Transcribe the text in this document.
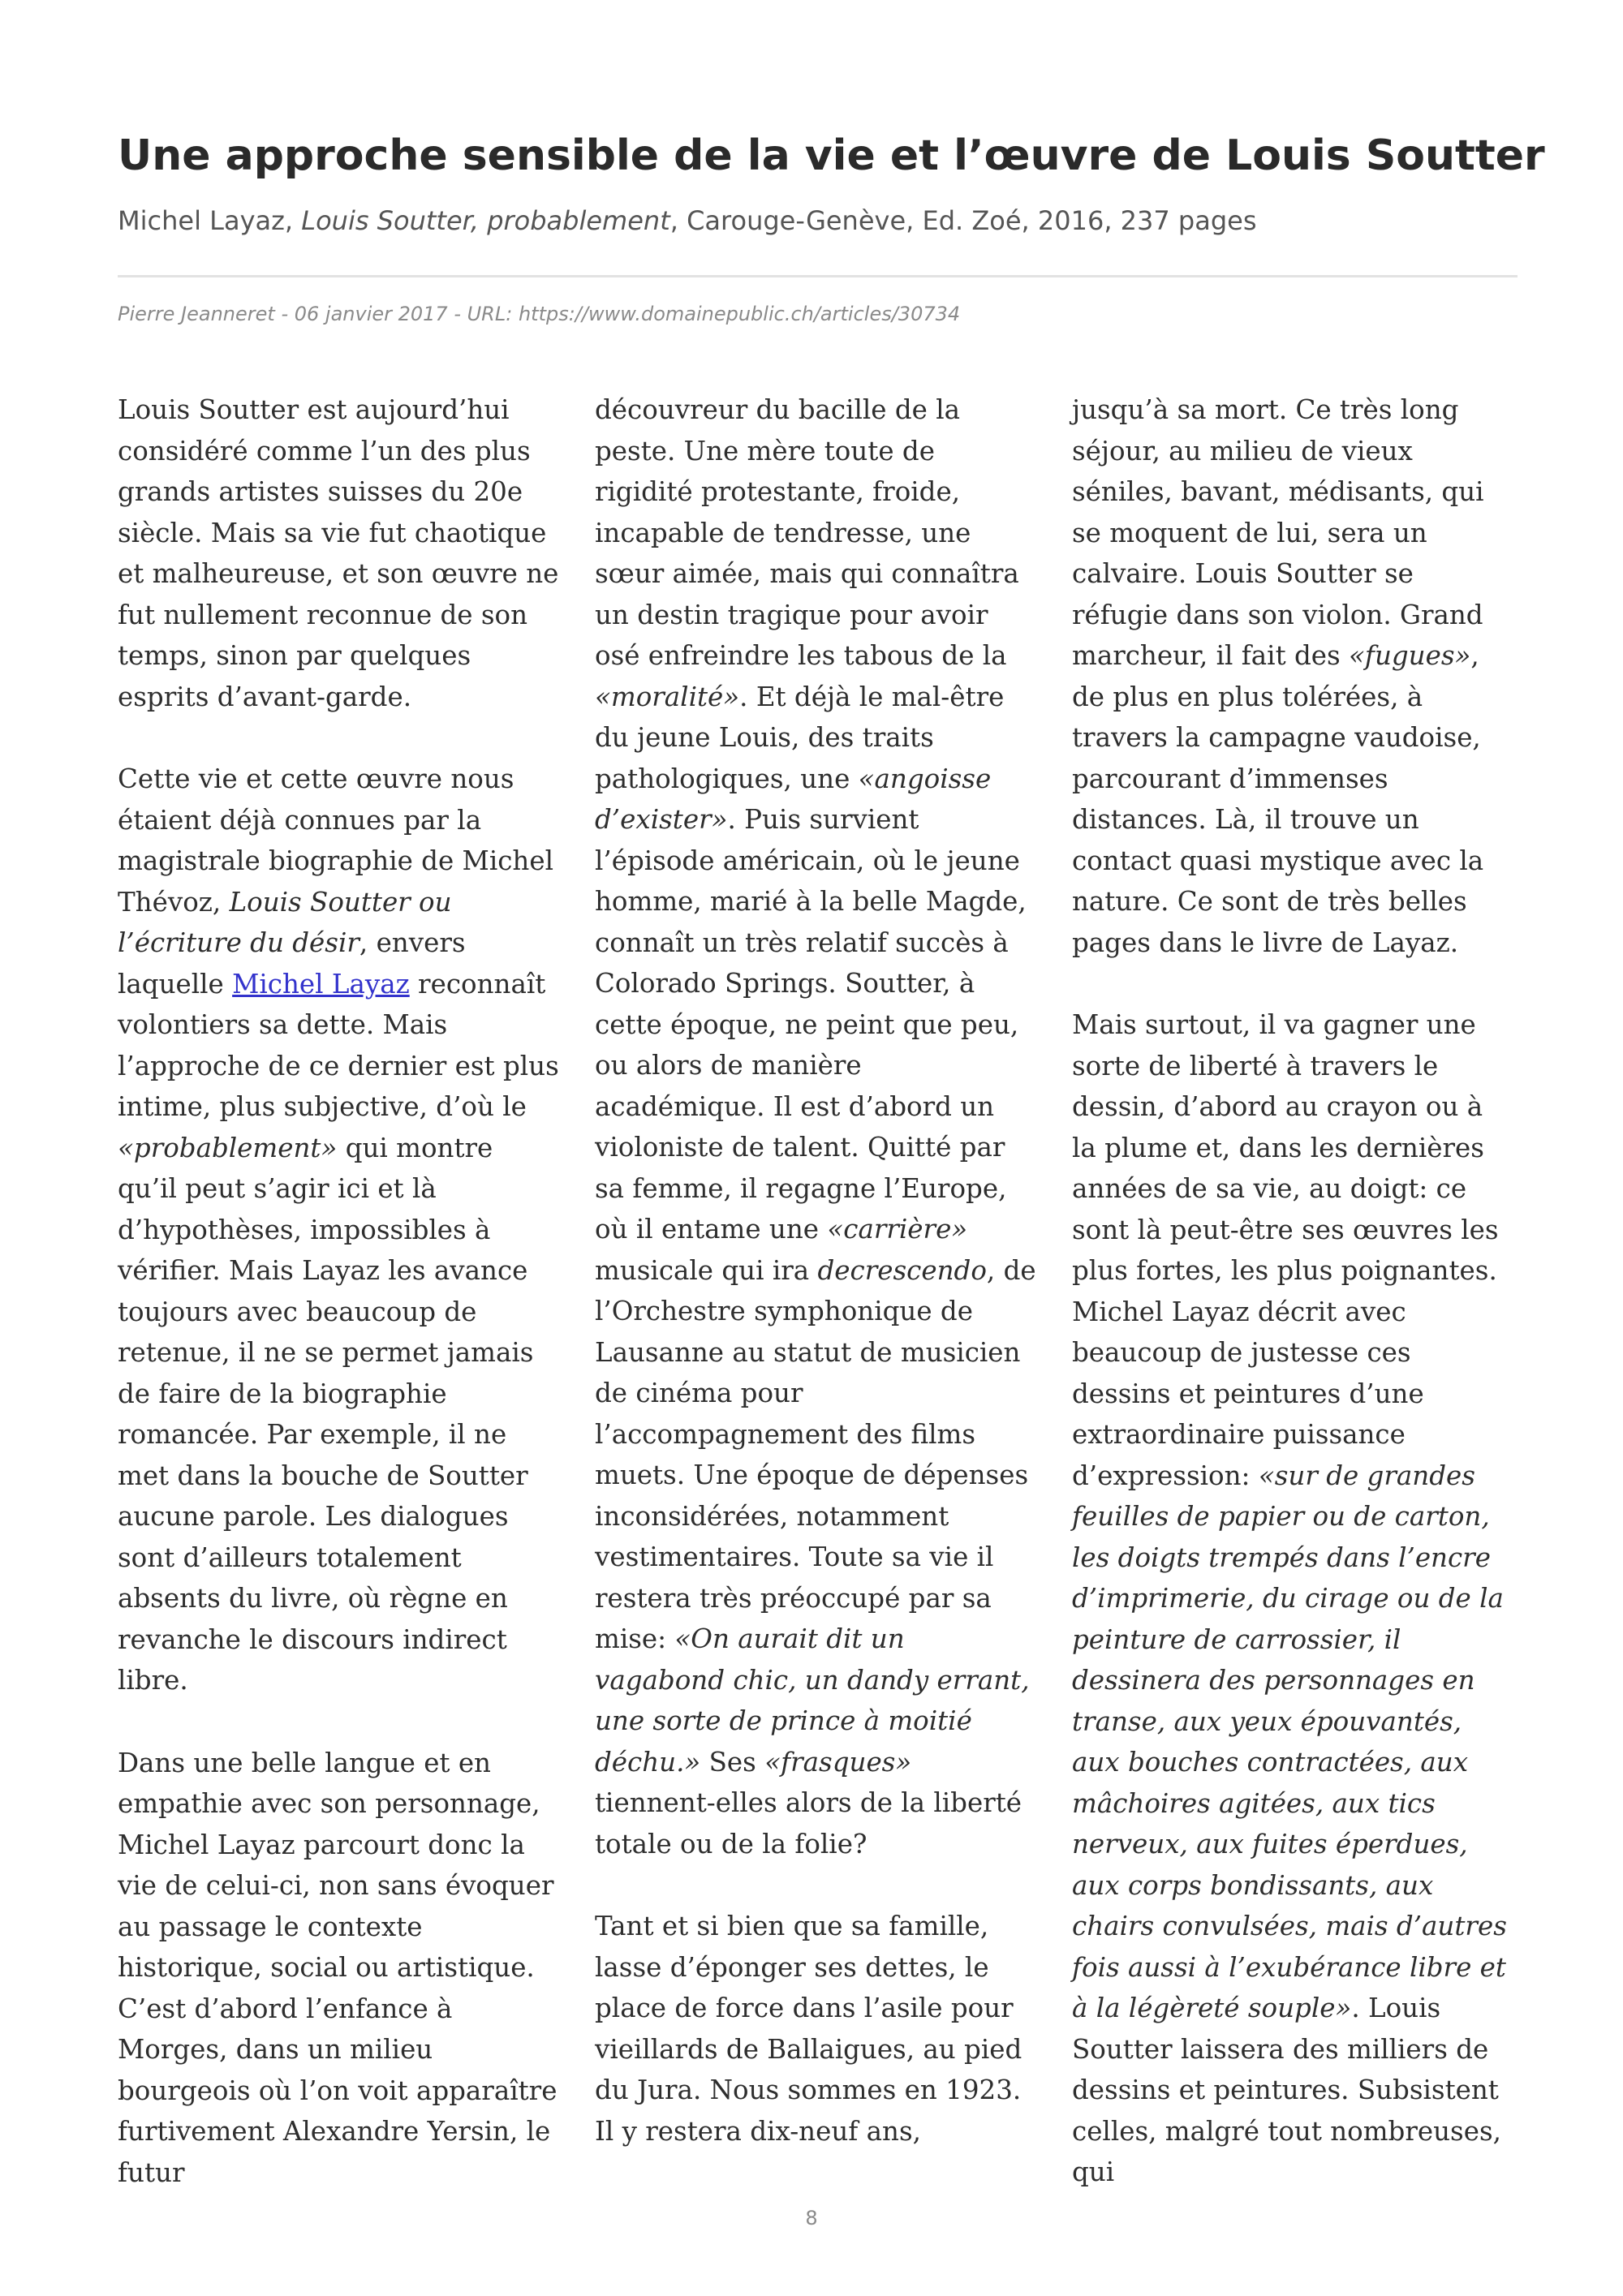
Une approche sensible de la vie et l’œuvre de Louis Soutter
Michel Layaz, Louis Soutter, probablement, Carouge-Genève, Ed. Zoé, 2016, 237 pages
Pierre Jeanneret - 06 janvier 2017 - URL: https://www.domainepublic.ch/articles/30734

Louis Soutter est aujourd’hui considéré comme l’un des plus grands artistes suisses du 20e siècle. Mais sa vie fut chaotique et malheureuse, et son œuvre ne fut nullement reconnue de son temps, sinon par quelques esprits d’avant-garde.

Cette vie et cette œuvre nous étaient déjà connues par la magistrale biographie de Michel Thévoz, Louis Soutter ou l’écriture du désir, envers laquelle Michel Layaz reconnaît volontiers sa dette. Mais l’approche de ce dernier est plus intime, plus subjective, d’où le «probablement» qui montre qu’il peut s’agir ici et là d’hypothèses, impossibles à vérifier. Mais Layaz les avance toujours avec beaucoup de retenue, il ne se permet jamais de faire de la biographie romancée. Par exemple, il ne met dans la bouche de Soutter aucune parole. Les dialogues sont d’ailleurs totalement absents du livre, où règne en revanche le discours indirect libre.

Dans une belle langue et en empathie avec son personnage, Michel Layaz parcourt donc la vie de celui-ci, non sans évoquer au passage le contexte historique, social ou artistique. C’est d’abord l’enfance à Morges, dans un milieu bourgeois où l’on voit apparaître furtivement Alexandre Yersin, le futur

découvreur du bacille de la peste. Une mère toute de rigidité protestante, froide, incapable de tendresse, une sœur aimée, mais qui connaîtra un destin tragique pour avoir osé enfreindre les tabous de la «moralité». Et déjà le mal-être du jeune Louis, des traits pathologiques, une «angoisse d’exister». Puis survient l’épisode américain, où le jeune homme, marié à la belle Magde, connaît un très relatif succès à Colorado Springs. Soutter, à cette époque, ne peint que peu, ou alors de manière académique. Il est d’abord un violoniste de talent. Quitté par sa femme, il regagne l’Europe, où il entame une «carrière» musicale qui ira decrescendo, de l’Orchestre symphonique de Lausanne au statut de musicien de cinéma pour l’accompagnement des films muets. Une époque de dépenses inconsidérées, notamment vestimentaires. Toute sa vie il restera très préoccupé par sa mise: «On aurait dit un vagabond chic, un dandy errant, une sorte de prince à moitié déchu.» Ses «frasques» tiennent-elles alors de la liberté totale ou de la folie?

Tant et si bien que sa famille, lasse d’éponger ses dettes, le place de force dans l’asile pour vieillards de Ballaigues, au pied du Jura. Nous sommes en 1923. Il y restera dix-neuf ans,

jusqu’à sa mort. Ce très long séjour, au milieu de vieux séniles, bavant, médisants, qui se moquent de lui, sera un calvaire. Louis Soutter se réfugie dans son violon. Grand marcheur, il fait des «fugues», de plus en plus tolérées, à travers la campagne vaudoise, parcourant d’immenses distances. Là, il trouve un contact quasi mystique avec la nature. Ce sont de très belles pages dans le livre de Layaz.

Mais surtout, il va gagner une sorte de liberté à travers le dessin, d’abord au crayon ou à la plume et, dans les dernières années de sa vie, au doigt: ce sont là peut-être ses œuvres les plus fortes, les plus poignantes. Michel Layaz décrit avec beaucoup de justesse ces dessins et peintures d’une extraordinaire puissance d’expression: «sur de grandes feuilles de papier ou de carton, les doigts trempés dans l’encre d’imprimerie, du cirage ou de la peinture de carrossier, il dessinera des personnages en transe, aux yeux épouvantés, aux bouches contractées, aux mâchoires agitées, aux tics nerveux, aux fuites éperdues, aux corps bondissants, aux chairs convulsées, mais d’autres fois aussi à l’exubérance libre et à la légèreté souple». Louis Soutter laissera des milliers de dessins et peintures. Subsistent celles, malgré tout nombreuses, qui

8
